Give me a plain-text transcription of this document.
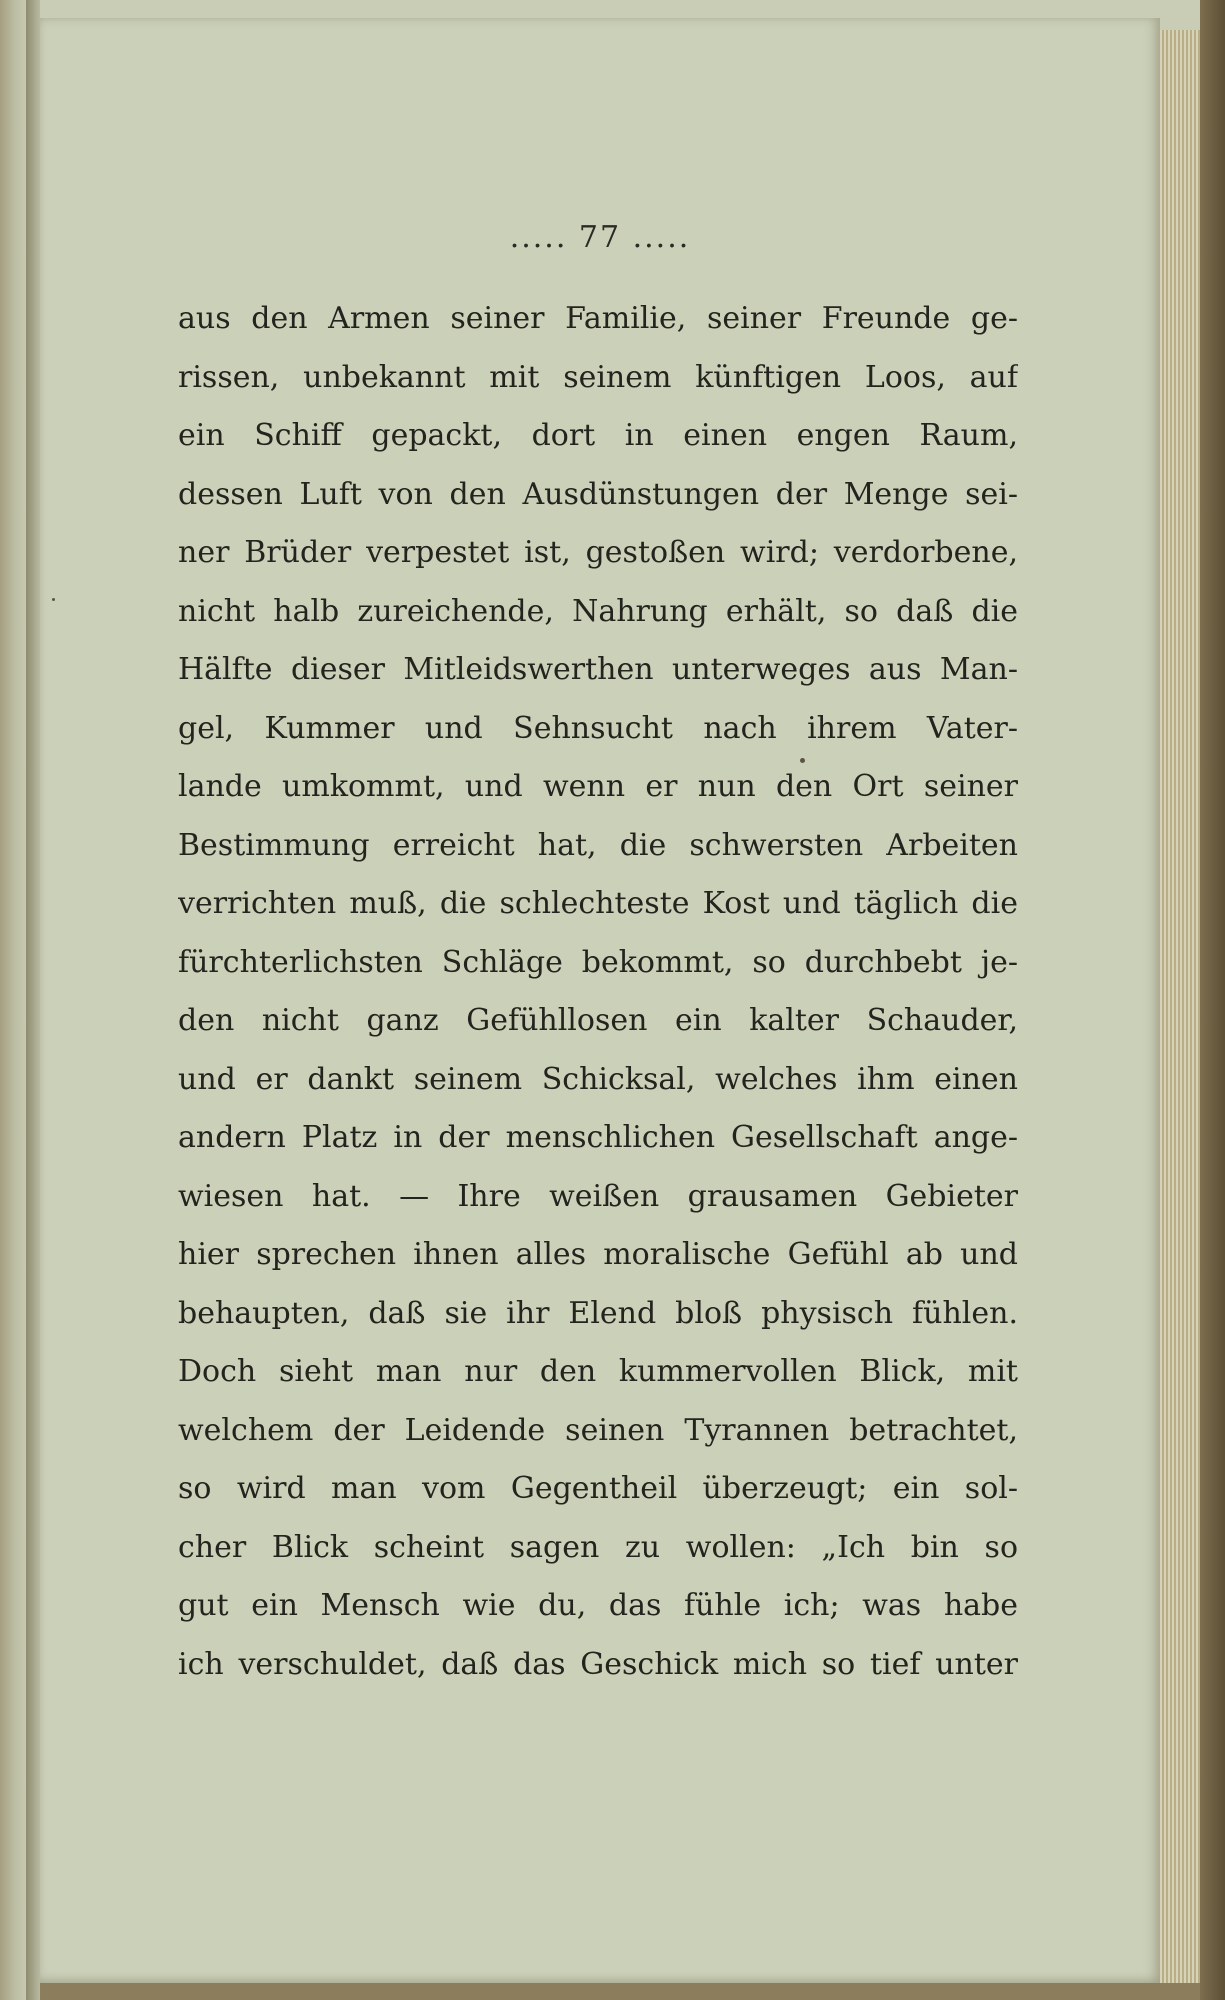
..... 77 .....
aus den Armen seiner Familie, seiner Freunde ge-
rissen, unbekannt mit seinem künftigen Loos, auf
ein Schiff gepackt, dort in einen engen Raum,
dessen Luft von den Ausdünstungen der Menge sei-
ner Brüder verpestet ist, gestoßen wird; verdorbene,
nicht halb zureichende, Nahrung erhält, so daß die
Hälfte dieser Mitleidswerthen unterweges aus Man-
gel, Kummer und Sehnsucht nach ihrem Vater-
lande umkommt, und wenn er nun den Ort seiner
Bestimmung erreicht hat, die schwersten Arbeiten
verrichten muß, die schlechteste Kost und täglich die
fürchterlichsten Schläge bekommt, so durchbebt je-
den nicht ganz Gefühllosen ein kalter Schauder,
und er dankt seinem Schicksal, welches ihm einen
andern Platz in der menschlichen Gesellschaft ange-
wiesen hat. — Ihre weißen grausamen Gebieter
hier sprechen ihnen alles moralische Gefühl ab und
behaupten, daß sie ihr Elend bloß physisch fühlen.
Doch sieht man nur den kummervollen Blick, mit
welchem der Leidende seinen Tyrannen betrachtet,
so wird man vom Gegentheil überzeugt; ein sol-
cher Blick scheint sagen zu wollen: „Ich bin so
gut ein Mensch wie du, das fühle ich; was habe
ich verschuldet, daß das Geschick mich so tief unter
